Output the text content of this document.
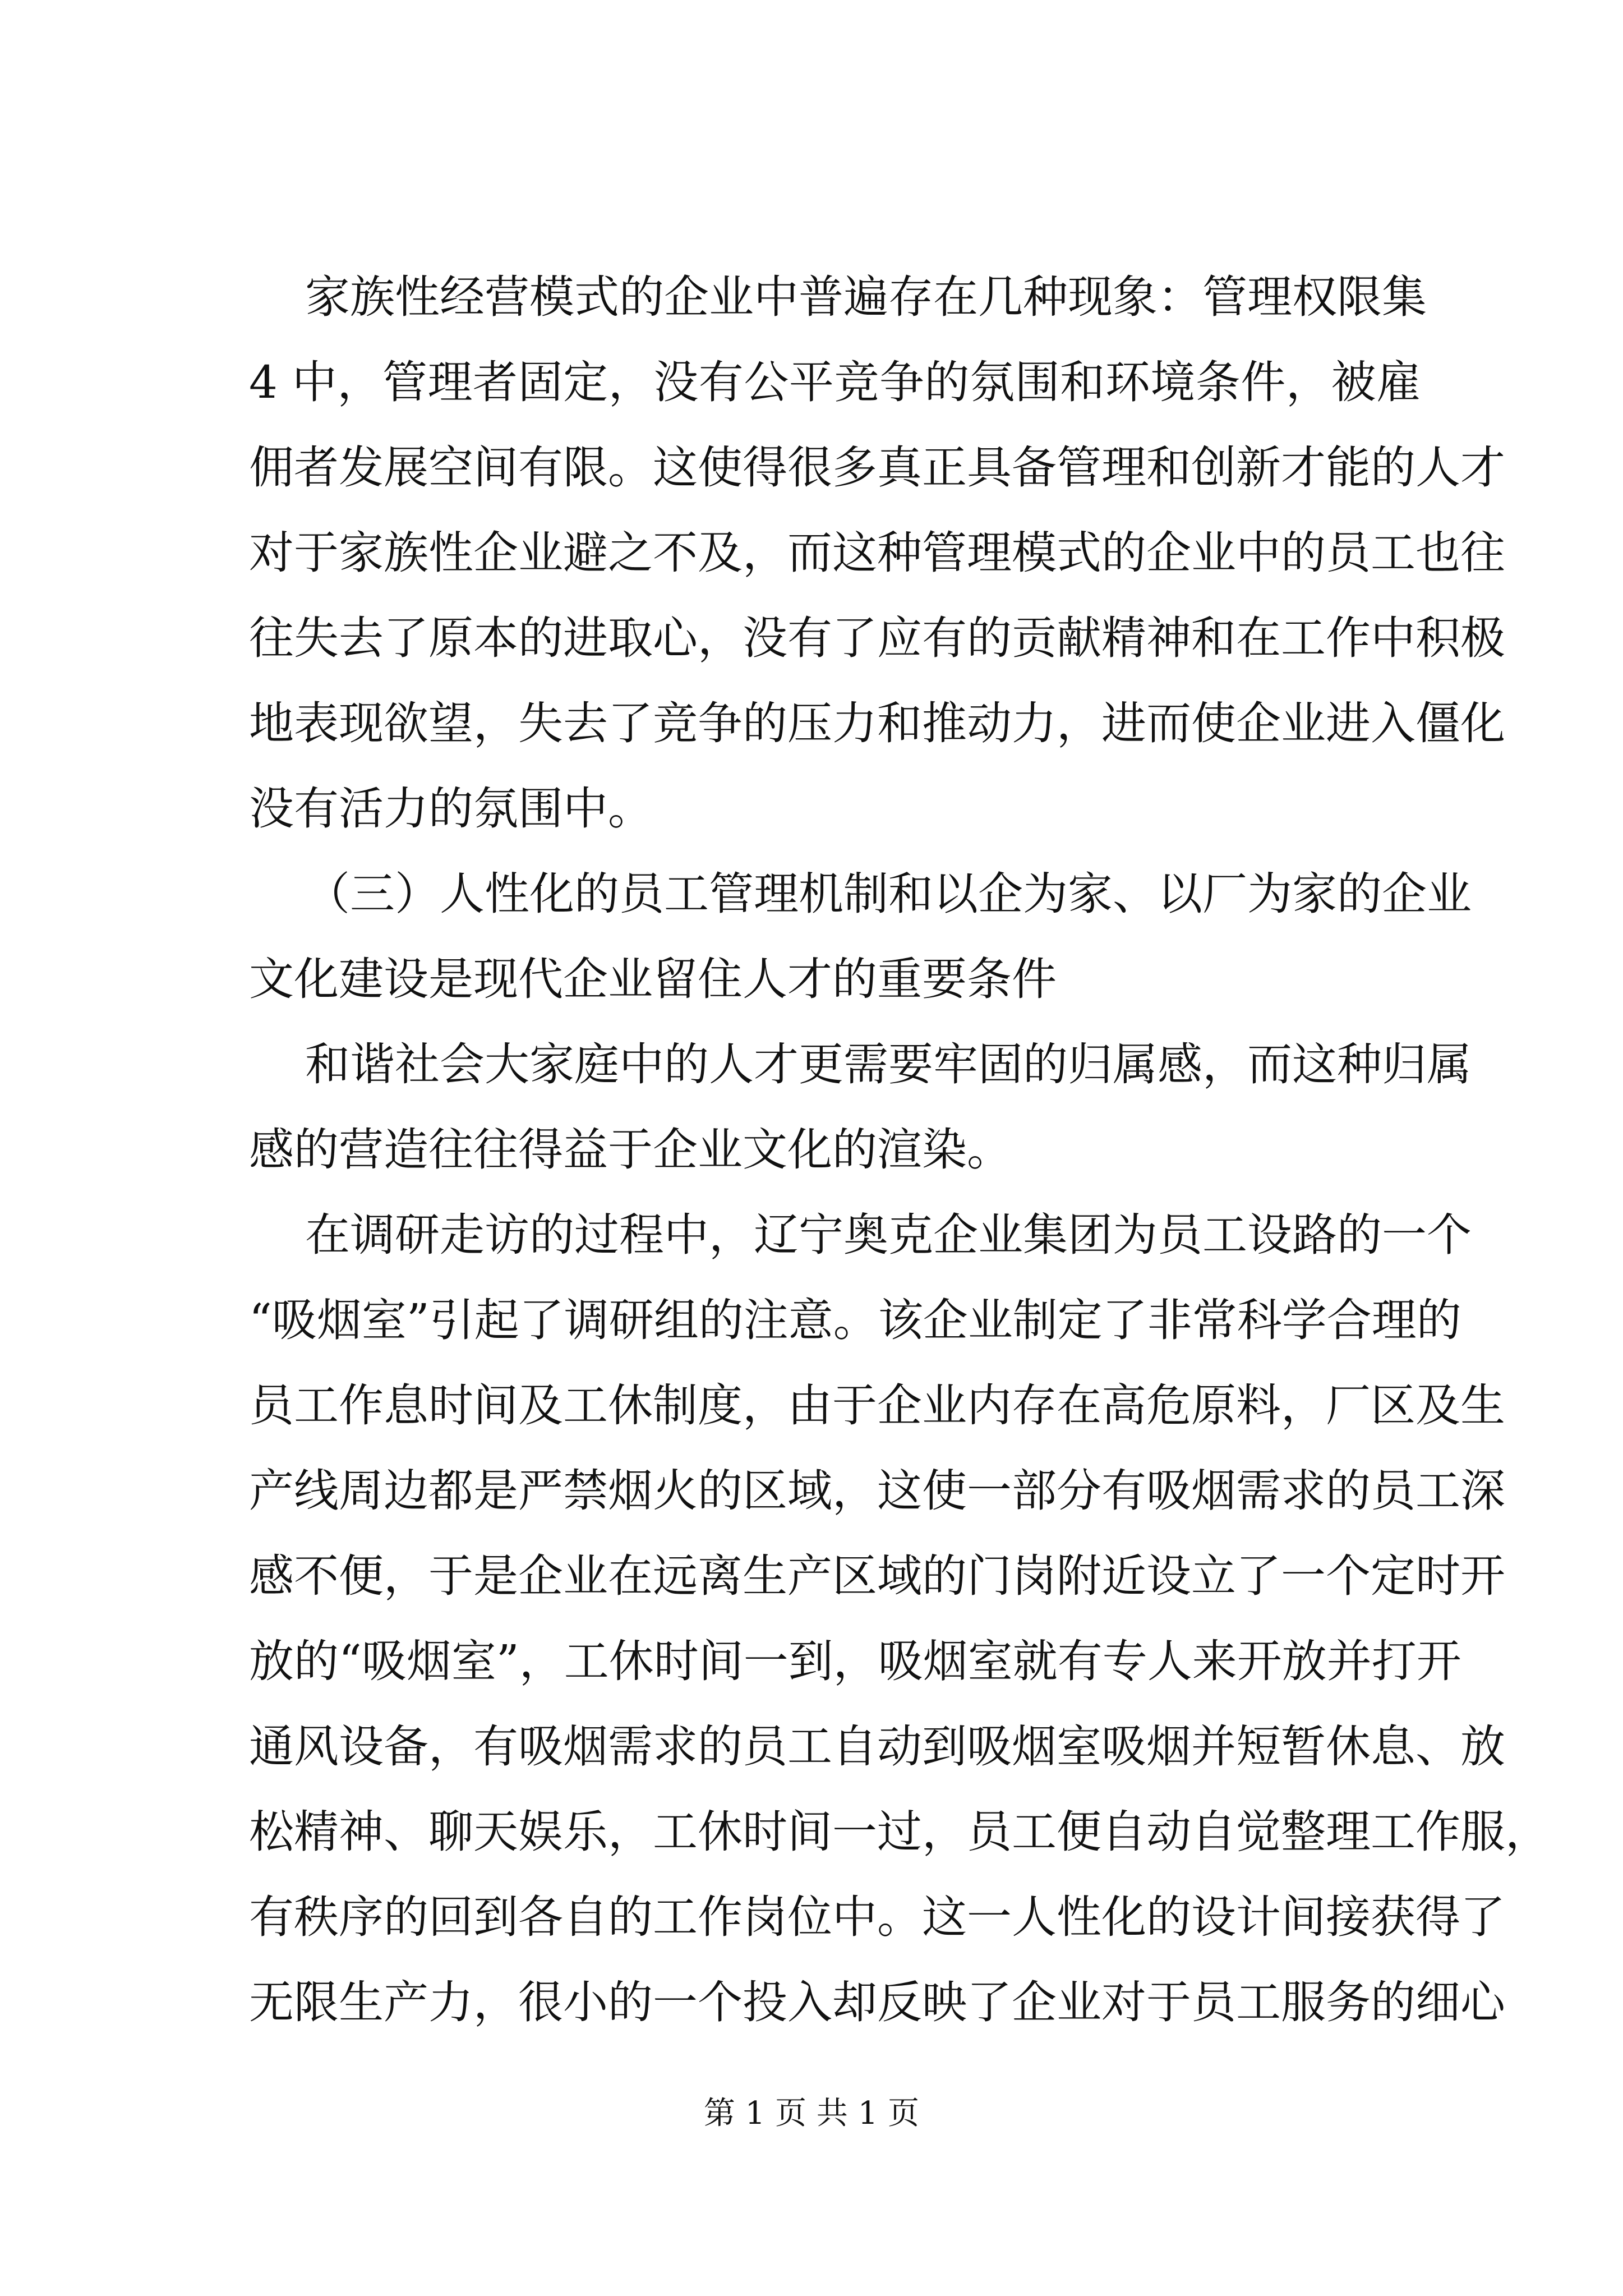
家族性经营模式的企业中普遍存在几种现象：管理权限集
4 中，管理者固定，没有公平竞争的氛围和环境条件，被雇
佣者发展空间有限。这使得很多真正具备管理和创新才能的人才
对于家族性企业避之不及，而这种管理模式的企业中的员工也往
往失去了原本的进取心，没有了应有的贡献精神和在工作中积极
地表现欲望，失去了竞争的压力和推动力，进而使企业进入僵化
没有活力的氛围中。
（三）人性化的员工管理机制和以企为家、以厂为家的企业
文化建设是现代企业留住人才的重要条件
和谐社会大家庭中的人才更需要牢固的归属感，而这种归属
感的营造往往得益于企业文化的渲染。
在调研走访的过程中，辽宁奥克企业集团为员工设路的一个
“吸烟室”引起了调研组的注意。该企业制定了非常科学合理的
员工作息时间及工休制度，由于企业内存在高危原料，厂区及生
产线周边都是严禁烟火的区域，这使一部分有吸烟需求的员工深
感不便，于是企业在远离生产区域的门岗附近设立了一个定时开
放的“吸烟室”，工休时间一到，吸烟室就有专人来开放并打开
通风设备，有吸烟需求的员工自动到吸烟室吸烟并短暂休息、放
松精神、聊天娱乐，工休时间一过，员工便自动自觉整理工作服，
有秩序的回到各自的工作岗位中。这一人性化的设计间接获得了
无限生产力，很小的一个投入却反映了企业对于员工服务的细心
第 1 页 共 1 页
